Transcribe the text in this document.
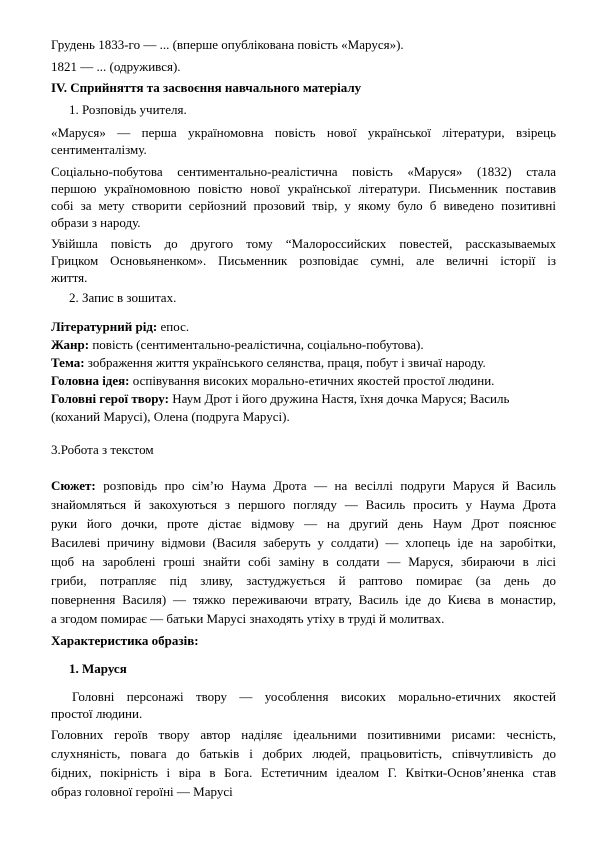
Грудень 1833-го — ... (вперше опублікована повість «Маруся»).
1821 — ... (одружився).
IV. Сприйняття та засвоєння навчального матеріалу
1. Розповідь учителя.
«Маруся» — перша україномовна повість нової української літератури, взірець
сентименталізму.
Соціально-побутова сентиментально-реалістична повість «Маруся» (1832) стала
першою україномовною повістю нової української літератури. Письменник поставив
собі за мету створити серйозний прозовий твір, у якому було б виведено позитивні
образи з народу.
Увійшла повість до другого тому “Малороссийских повестей, рассказываемых
Грицком Основьяненком». Письменник розповідає сумні, але величні історії із
життя.
2. Запис в зошитах.
Літературний рід: епос.
Жанр: повість (сентиментально-реалістична, соціально-побутова).
Тема: зображення життя українського селянства, праця, побут і звичаї народу.
Головна ідея: оспівування високих морально-етичних якостей простої людини.
Головні герої твору: Наум Дрот і його дружина Настя, їхня дочка Маруся; Василь
(коханий Марусі), Олена (подруга Марусі).
3.Робота з текстом
Сюжет: розповідь про сім’ю Наума Дрота — на весіллі подруги Маруся й Василь
знайомляться й закохуються з першого погляду — Василь просить у Наума Дрота
руки його дочки, проте дістає відмову — на другий день Наум Дрот пояснює
Василеві причину відмови (Василя заберуть у солдати) — хлопець іде на заробітки,
щоб на зароблені гроші знайти собі заміну в солдати — Маруся, збираючи в лісі
гриби, потрапляє під зливу, застуджується й раптово помирає (за день до
повернення Василя) — тяжко переживаючи втрату, Василь іде до Києва в монастир,
а згодом помирає — батьки Марусі знаходять утіху в труді й молитвах.
Характеристика образів:
1. Маруся
Головні персонажі твору — уособлення високих морально-етичних якостей
простої людини.
Головних героїв твору автор наділяє ідеальними позитивними рисами: чесність,
слухняність, повага до батьків і добрих людей, працьовитість, співчутливість до
бідних, покірність і віра в Бога. Естетичним ідеалом Г. Квітки-Основ’яненка став
образ головної героїні — Марусі
